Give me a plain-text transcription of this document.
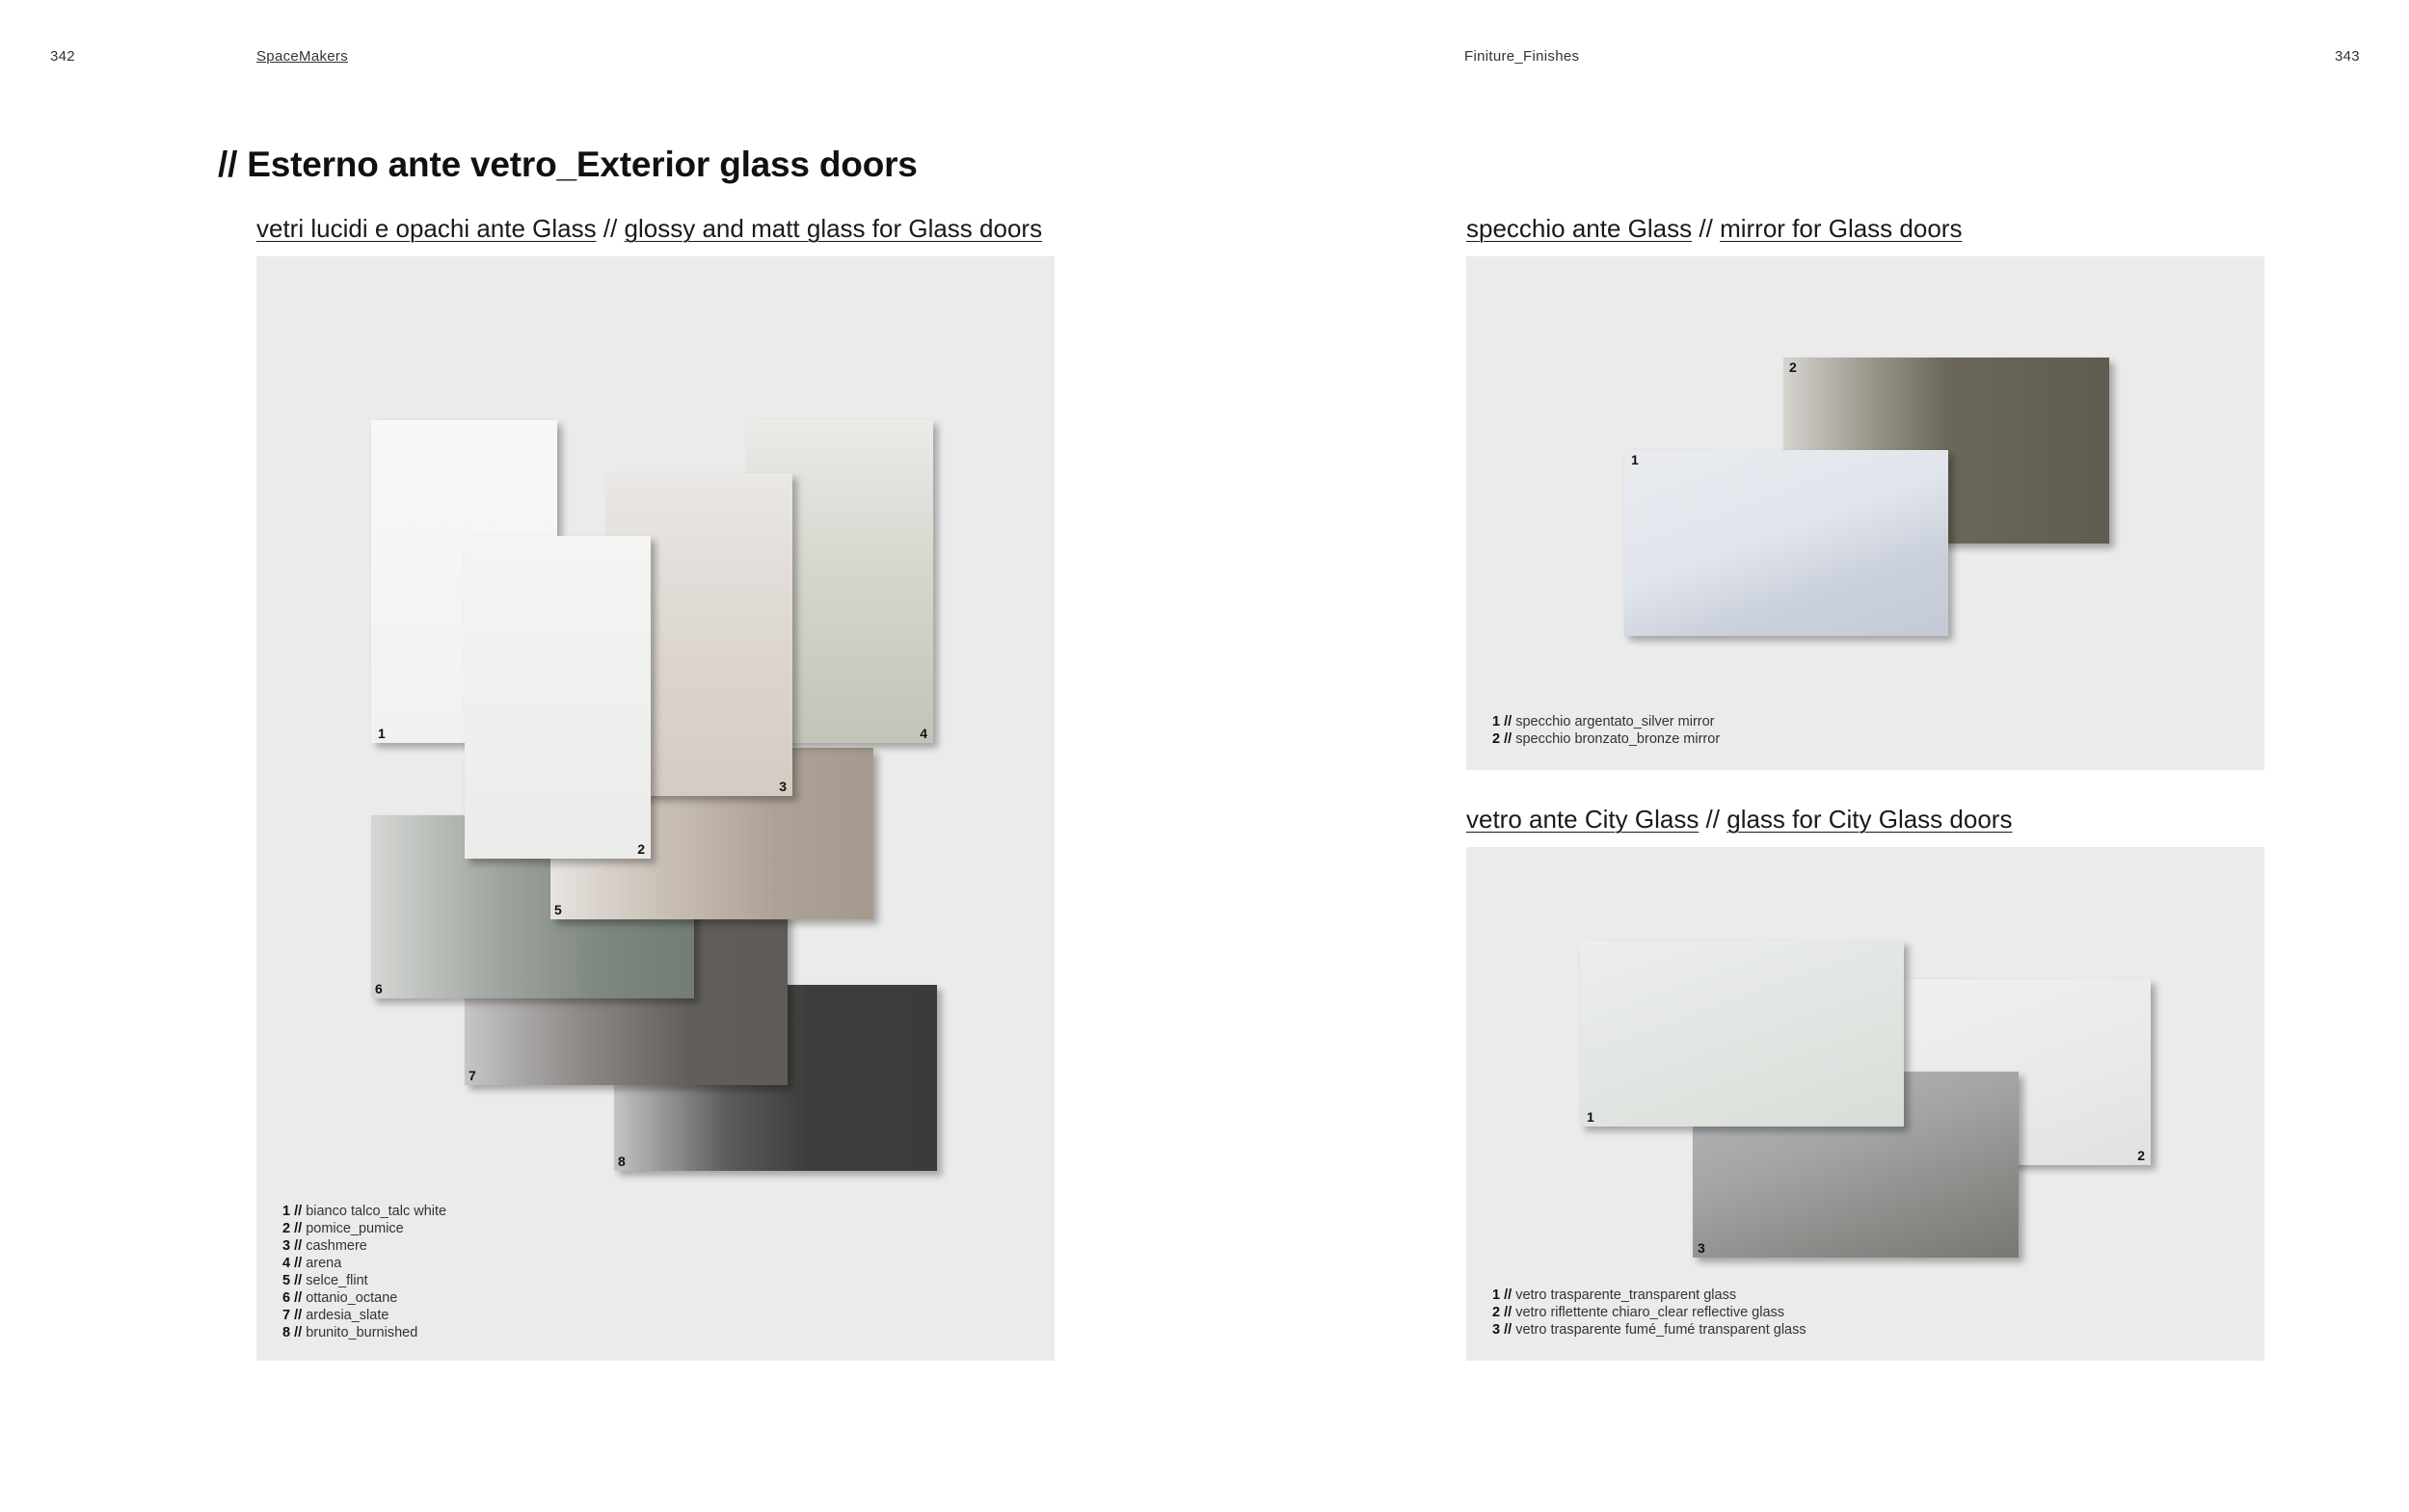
342	SpaceMakers	Finiture_Finishes	343
// Esterno ante vetro_Exterior glass doors
vetri lucidi e opachi ante Glass // glossy and matt glass for Glass doors
8
7
6
5
4
3
1
2
1 // bianco talco_talc white
2 // pomice_pumice
3 // cashmere
4 // arena
5 // selce_flint
6 // ottanio_octane
7 // ardesia_slate
8 // brunito_burnished
specchio ante Glass // mirror for Glass doors
2
1
1 // specchio argentato_silver mirror
2 // specchio bronzato_bronze mirror
vetro ante City Glass // glass for City Glass doors
2
3
1
1 // vetro trasparente_transparent glass
2 // vetro riflettente chiaro_clear reflective glass
3 // vetro trasparente fumé_fumé transparent glass
